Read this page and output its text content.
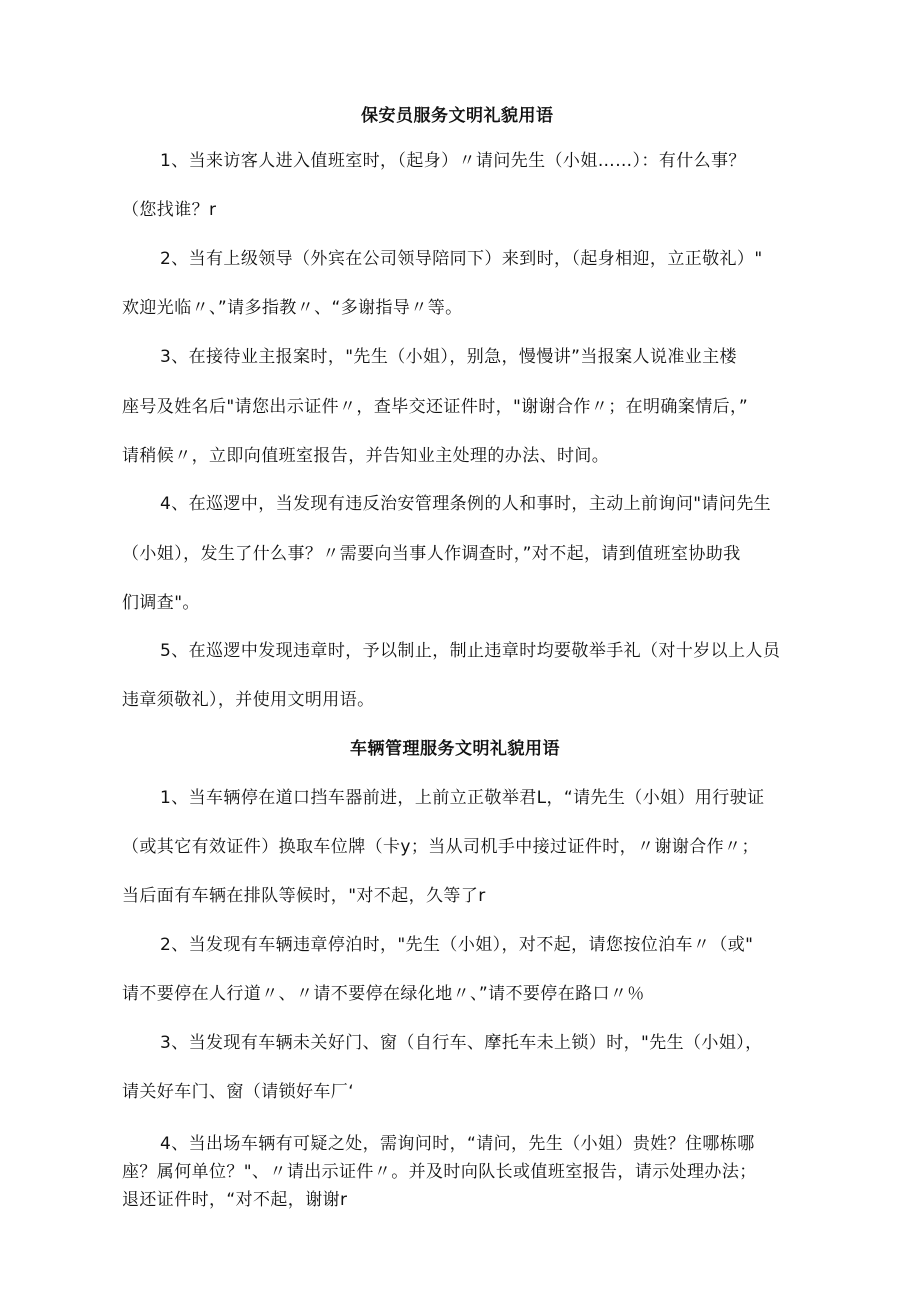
保安员服务文明礼貌用语
1、当来访客人进入值班室时，（起身）〃请问先生（小姐……）：有什么事？
（您找谁？r
2、当有上级领导（外宾在公司领导陪同下）来到时，（起身相迎，立正敬礼）"
欢迎光临〃、”请多指教〃、“多谢指导〃等。
3、在接待业主报案时，"先生（小姐），别急，慢慢讲”当报案人说准业主楼
座号及姓名后"请您出示证件〃，查毕交还证件时，"谢谢合作〃；在明确案情后，”
请稍候〃，立即向值班室报告，并告知业主处理的办法、时间。
4、在巡逻中，当发现有违反治安管理条例的人和事时，主动上前询问"请问先生
（小姐），发生了什么事？〃需要向当事人作调查时，”对不起，请到值班室协助我
们调查"。
5、在巡逻中发现违章时，予以制止，制止违章时均要敬举手礼（对十岁以上人员
违章须敬礼），并使用文明用语。
车辆管理服务文明礼貌用语
1、当车辆停在道口挡车器前进，上前立正敬举君L，“请先生（小姐）用行驶证
（或其它有效证件）换取车位牌（卡y；当从司机手中接过证件时，〃谢谢合作〃；
当后面有车辆在排队等候时，"对不起，久等了r
2、当发现有车辆违章停泊时，"先生（小姐），对不起，请您按位泊车〃（或"
请不要停在人行道〃、〃请不要停在绿化地〃、”请不要停在路口〃％
3、当发现有车辆未关好门、窗（自行车、摩托车未上锁）时，"先生（小姐），
请关好车门、窗（请锁好车厂‘
4、当出场车辆有可疑之处，需询问时，“请问，先生（小姐）贵姓？住哪栋哪
座？属何单位？"、〃请出示证件〃。并及时向队长或值班室报告，请示处理办法；
退还证件时，“对不起，谢谢r
